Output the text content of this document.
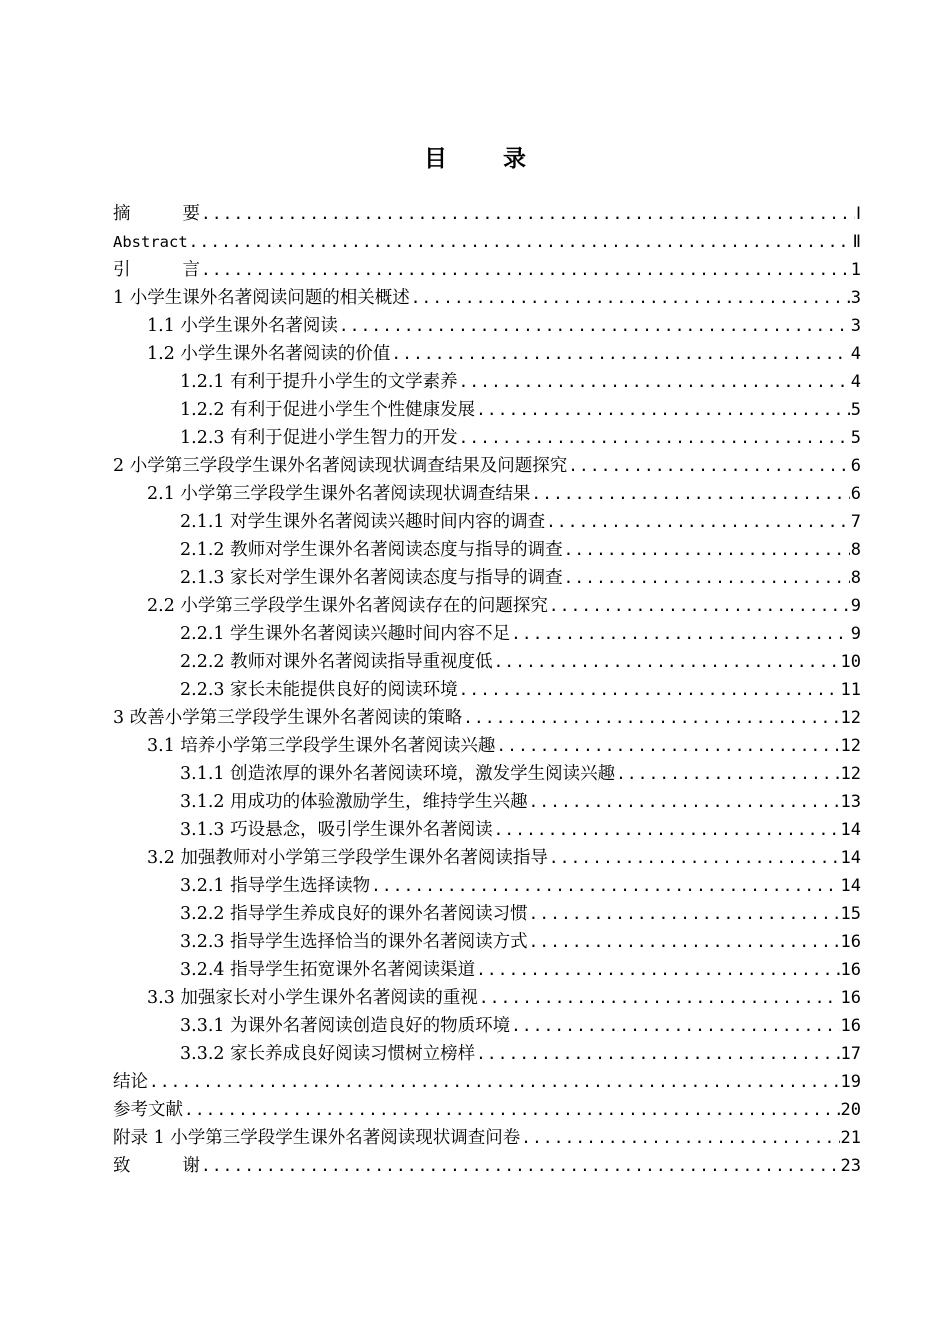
目 录
摘	要 .....	Ⅰ
Abstract .....	Ⅱ
引	言 .....	1
1 小学生课外名著阅读问题的相关概述 .....	3
1.1 小学生课外名著阅读 .....	3
1.2 小学生课外名著阅读的价值 .....	4
1.2.1 有利于提升小学生的文学素养 .....	4
1.2.2 有利于促进小学生个性健康发展 .....	5
1.2.3 有利于促进小学生智力的开发 .....	5
2 小学第三学段学生课外名著阅读现状调查结果及问题探究 .....	6
2.1 小学第三学段学生课外名著阅读现状调查结果 .....	6
2.1.1 对学生课外名著阅读兴趣时间内容的调查 .....	7
2.1.2 教师对学生课外名著阅读态度与指导的调查 .....	8
2.1.3 家长对学生课外名著阅读态度与指导的调查 .....	8
2.2 小学第三学段学生课外名著阅读存在的问题探究 .....	9
2.2.1 学生课外名著阅读兴趣时间内容不足 .....	9
2.2.2 教师对课外名著阅读指导重视度低 .....	10
2.2.3 家长未能提供良好的阅读环境 .....	11
3 改善小学第三学段学生课外名著阅读的策略 .....	12
3.1 培养小学第三学段学生课外名著阅读兴趣 .....	12
3.1.1 创造浓厚的课外名著阅读环境，激发学生阅读兴趣 .....	12
3.1.2 用成功的体验激励学生，维持学生兴趣 .....	13
3.1.3 巧设悬念，吸引学生课外名著阅读 .....	14
3.2 加强教师对小学第三学段学生课外名著阅读指导 .....	14
3.2.1 指导学生选择读物 .....	14
3.2.2 指导学生养成良好的课外名著阅读习惯 .....	15
3.2.3 指导学生选择恰当的课外名著阅读方式 .....	16
3.2.4 指导学生拓宽课外名著阅读渠道 .....	16
3.3 加强家长对小学生课外名著阅读的重视 .....	16
3.3.1 为课外名著阅读创造良好的物质环境 .....	16
3.3.2 家长养成良好阅读习惯树立榜样 .....	17
结论 .....	19
参考文献 .....	20
附录 1 小学第三学段学生课外名著阅读现状调查问卷 .....	21
致	谢 .....	23
